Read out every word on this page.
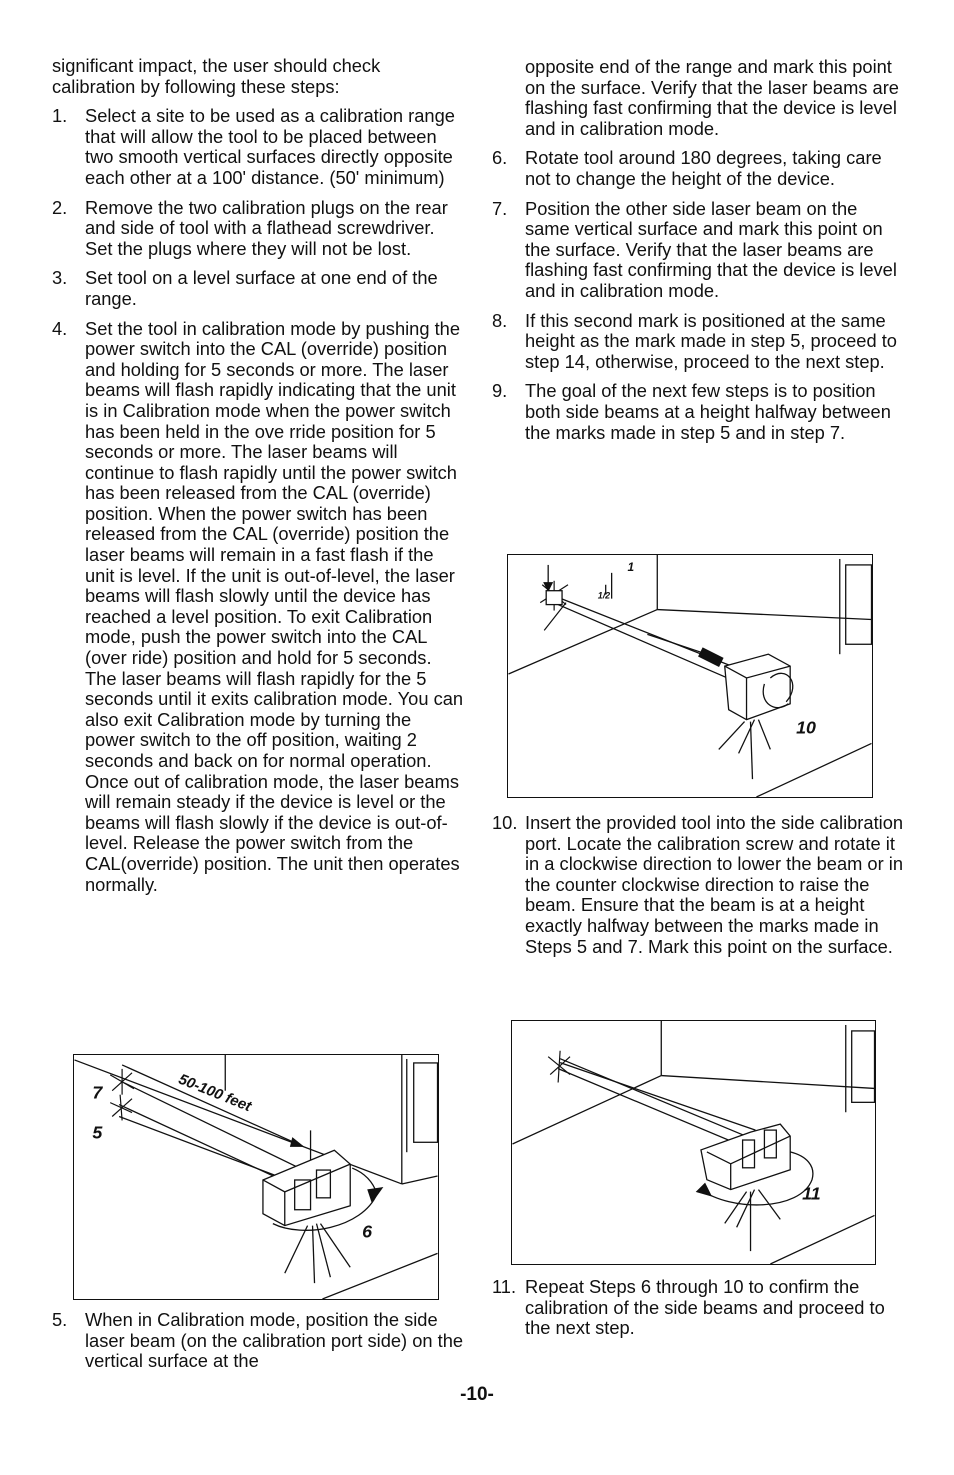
significant impact, the user should check calibration by following these steps:

1. Select a site to be used as a calibration range that will allow the tool to be placed between two smooth vertical surfaces directly opposite each other at a 100' distance. (50' minimum)
2. Remove the two calibration plugs on the rear and side of tool with a flathead screwdriver. Set the plugs where they will not be lost.
3. Set tool on a level surface at one end of the range.
4. Set the tool in calibration mode by pushing the power switch into the CAL (override) position and holding for 5 seconds or more. The laser beams will flash rapidly indicating that the unit is in Calibration mode when the power switch has been held in the ove rride position for 5 seconds or more. The laser beams will continue to flash rapidly until the power switch has been released from the CAL (override) position. When the power switch has been released from the CAL (override) position the laser beams will remain in a fast flash if the unit is level. If the unit is out-of-level, the laser beams will flash slowly until the device has reached a level position. To exit Calibration mode, push the power switch into the CAL (over ride) position and hold for 5 seconds. The laser beams will flash rapidly for the 5 seconds until it exits calibration mode. You can also exit Calibration mode by turning the power switch to the off position, waiting 2 seconds and back on for normal operation. Once out of calibration mode, the laser beams will remain steady if the device is level or the beams will flash slowly if the device is out-of-level. Release the power switch from the CAL(override) position. The unit then operates normally.
5. When in Calibration mode, position the side laser beam (on the calibration port side) on the vertical surface at the
50-100 feet
7
5
6

opposite end of the range and mark this point on the surface. Verify that the laser beams are flashing fast confirming that the device is level and in calibration mode.

6. Rotate tool around 180 degrees, taking care not to change the height of the device.
7. Position the other side laser beam on the same vertical surface and mark this point on the surface. Verify that the laser beams are flashing fast confirming that the device is level and in calibration mode.
8. If this second mark is positioned at the same height as the mark made in step 5, proceed to step 14, otherwise, proceed to the next step.
9. The goal of the next few steps is to position both side beams at a height halfway between the marks made in step 5 and in step 7.
1
1/2
10
10. Insert the provided tool into the side calibration port. Locate the calibration screw and rotate it in a clockwise direction to lower the beam or in the counter clockwise direction to raise the beam. Ensure that the beam is at a height exactly halfway between the marks made in Steps 5 and 7. Mark this point on the surface.
11
11. Repeat Steps 6 through 10 to confirm the calibration of the side beams and proceed to the next step.
-10-
